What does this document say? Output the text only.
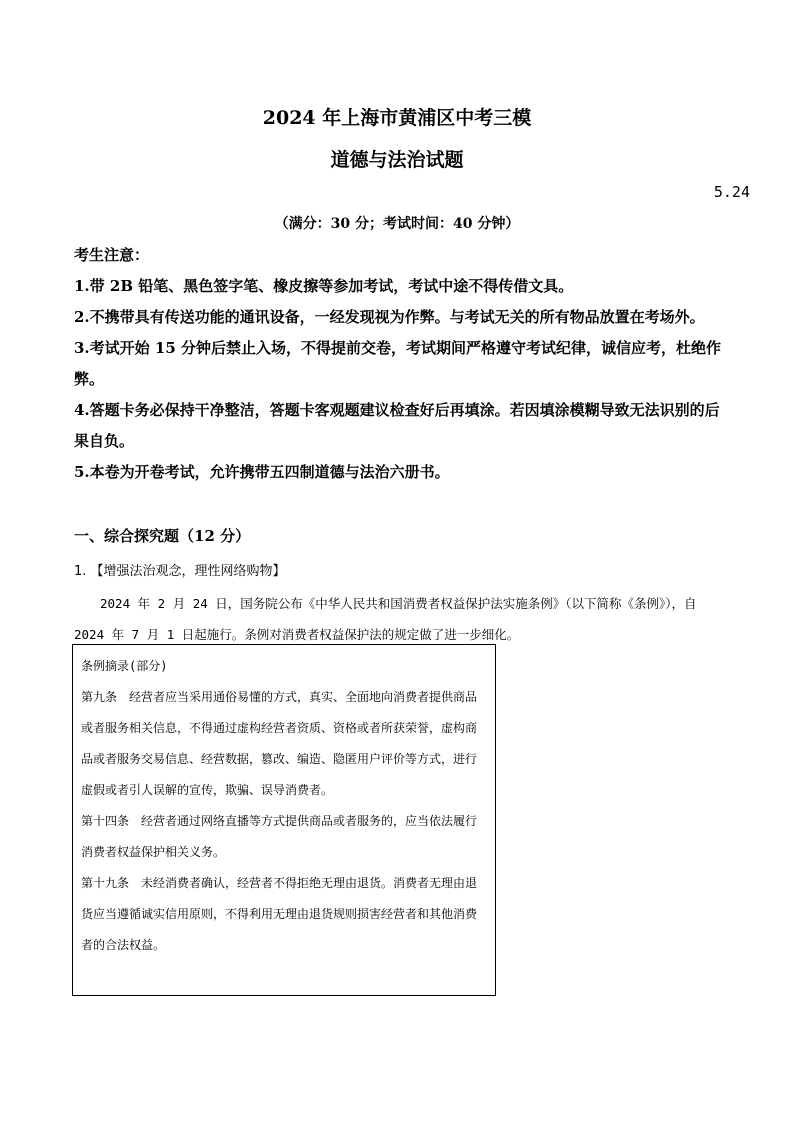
2024 年上海市黄浦区中考三模
道德与法治试题
5.24
（满分：30 分；考试时间：40 分钟）

考生注意：

1.带 2B 铅笔、黑色签字笔、橡皮擦等参加考试，考试中途不得传借文具。

2.不携带具有传送功能的通讯设备，一经发现视为作弊。与考试无关的所有物品放置在考场外。

3.考试开始 15 分钟后禁止入场，不得提前交卷，考试期间严格遵守考试纪律，诚信应考，杜绝作弊。

4.答题卡务必保持干净整洁，答题卡客观题建议检查好后再填涂。若因填涂模糊导致无法识别的后果自负。

5.本卷为开卷考试，允许携带五四制道德与法治六册书。

一、综合探究题（12 分）
1. 【增强法治观念，理性网络购物】

2024 年 2 月 24 日，国务院公布《中华人民共和国消费者权益保护法实施条例》（以下简称《条例》），自 2024 年 7 月 1 日起施行。条例对消费者权益保护法的规定做了进一步细化。

条例摘录(部分)

第九条　经营者应当采用通俗易懂的方式，真实、全面地向消费者提供商品或者服务相关信息，不得通过虚构经营者资质、资格或者所获荣誉，虚构商品或者服务交易信息、经营数据，篡改、编造、隐匿用户评价等方式，进行虚假或者引人误解的宣传，欺骗、误导消费者。

第十四条　经营者通过网络直播等方式提供商品或者服务的，应当依法履行消费者权益保护相关义务。

第十九条　未经消费者确认，经营者不得拒绝无理由退货。消费者无理由退货应当遵循诚实信用原则，不得利用无理由退货规则损害经营者和其他消费者的合法权益。
